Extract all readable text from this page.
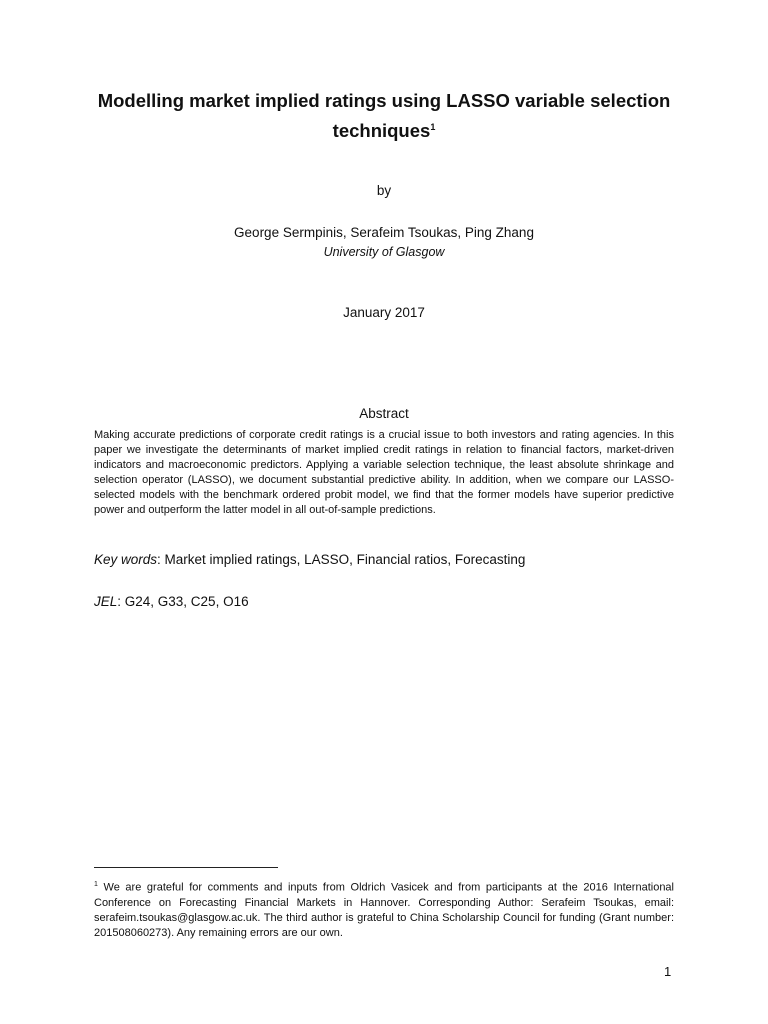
Modelling market implied ratings using LASSO variable selection techniques$^1$
by
George Sermpinis, Serafeim Tsoukas, Ping Zhang
University of Glasgow
January 2017
Abstract
Making accurate predictions of corporate credit ratings is a crucial issue to both investors and rating agencies. In this paper we investigate the determinants of market implied credit ratings in relation to financial factors, market-driven indicators and macroeconomic predictors. Applying a variable selection technique, the least absolute shrinkage and selection operator (LASSO), we document substantial predictive ability. In addition, when we compare our LASSO-selected models with the benchmark ordered probit model, we find that the former models have superior predictive power and outperform the latter model in all out-of-sample predictions.
Key words: Market implied ratings, LASSO, Financial ratios, Forecasting
JEL: G24, G33, C25, O16
$^1$ We are grateful for comments and inputs from Oldrich Vasicek and from participants at the 2016 International Conference on Forecasting Financial Markets in Hannover. Corresponding Author: Serafeim Tsoukas, email: serafeim.tsoukas@glasgow.ac.uk. The third author is grateful to China Scholarship Council for funding (Grant number: 201508060273). Any remaining errors are our own.
1
